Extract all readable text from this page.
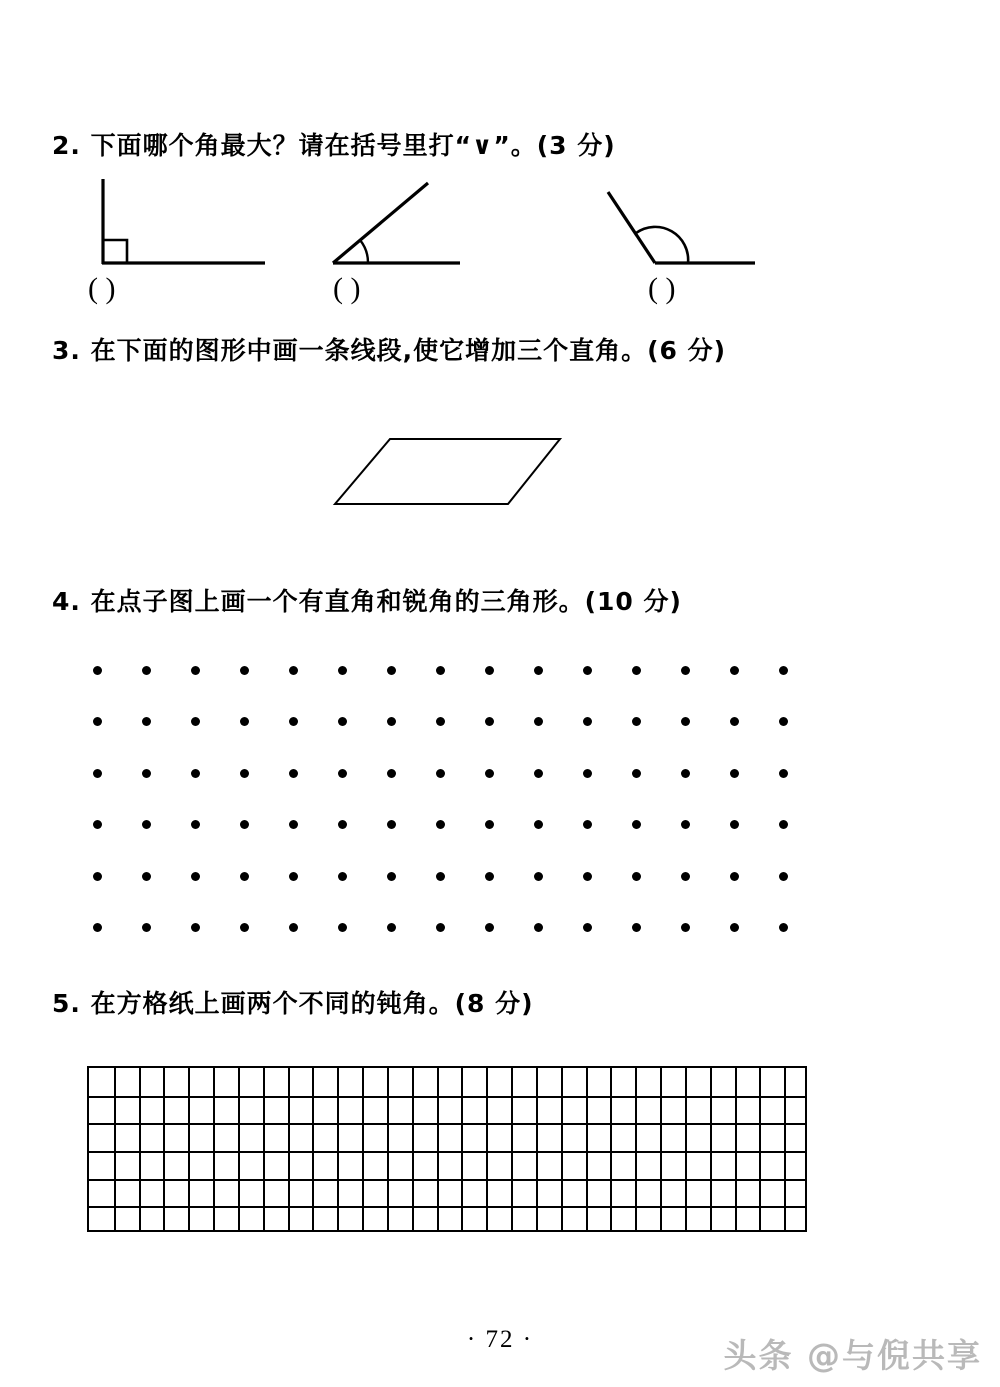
2. 下面哪个角最大？请在括号里打“∨”。(3 分)
( )	( )	( )
3. 在下面的图形中画一条线段,使它增加三个直角。(6 分)
4. 在点子图上画一个有直角和锐角的三角形。(10 分)
5. 在方格纸上画两个不同的钝角。(8 分)
· 72 ·	头条 @与倪共享
